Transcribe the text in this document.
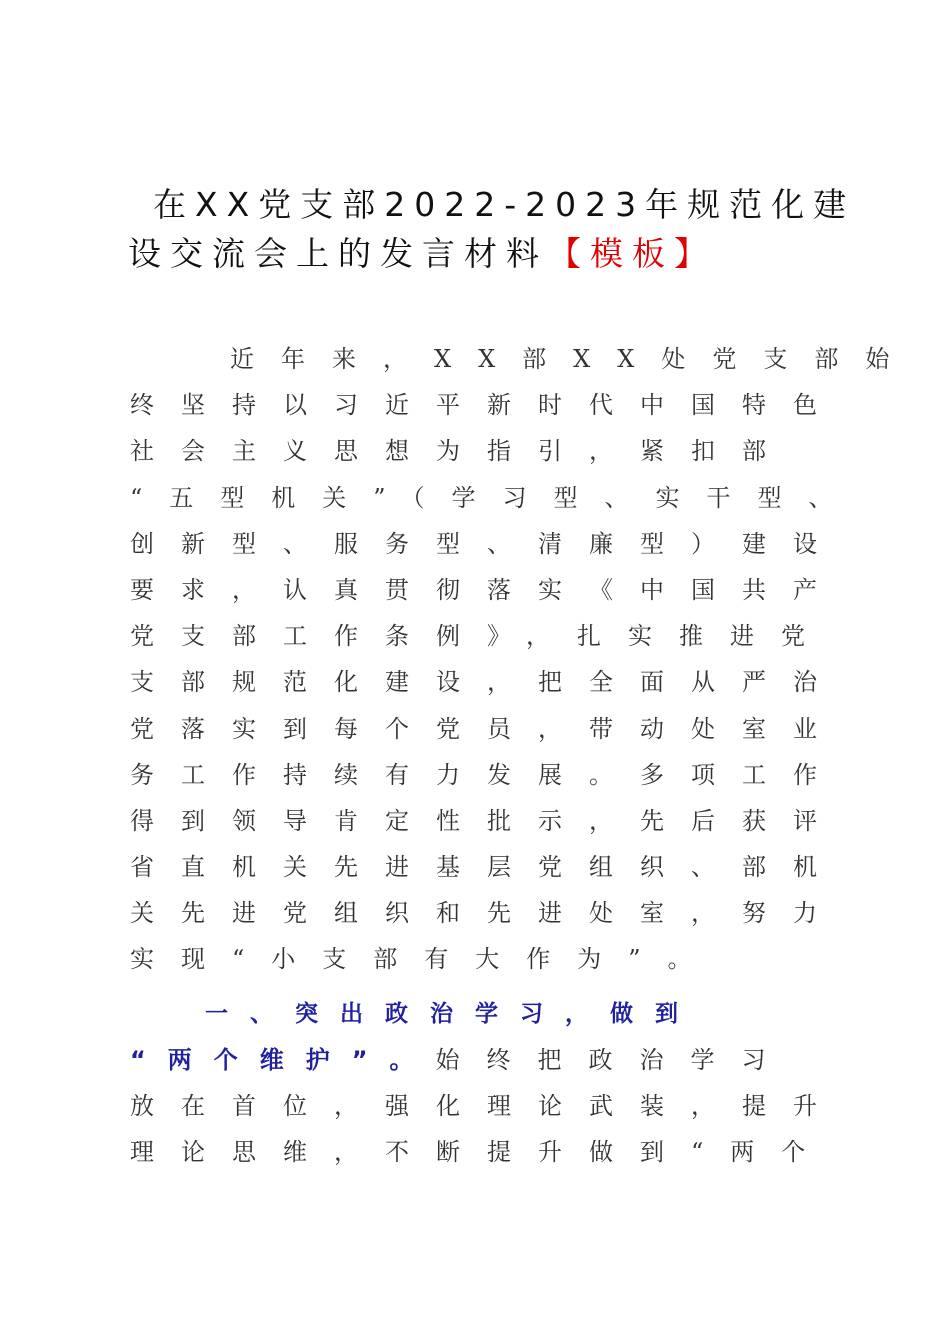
在XX党支部2022-2023年规范化建
设交流会上的发言材料【模板】
近年来，XX部XX处党支部始
终坚持以习近平新时代中国特色
社会主义思想为指引，紧扣部
“五型机关”（学习型、实干型、
创新型、服务型、清廉型）建设
要求，认真贯彻落实《中国共产
党支部工作条例》，扎实推进党
支部规范化建设，把全面从严治
党落实到每个党员，带动处室业
务工作持续有力发展。多项工作
得到领导肯定性批示，先后获评
省直机关先进基层党组织、部机
关先进党组织和先进处室，努力
实现“小支部有大作为”。
一、突出政治学习，做到
“两个维护”。始终把政治学习
放在首位，强化理论武装，提升
理论思维，不断提升做到“两个
